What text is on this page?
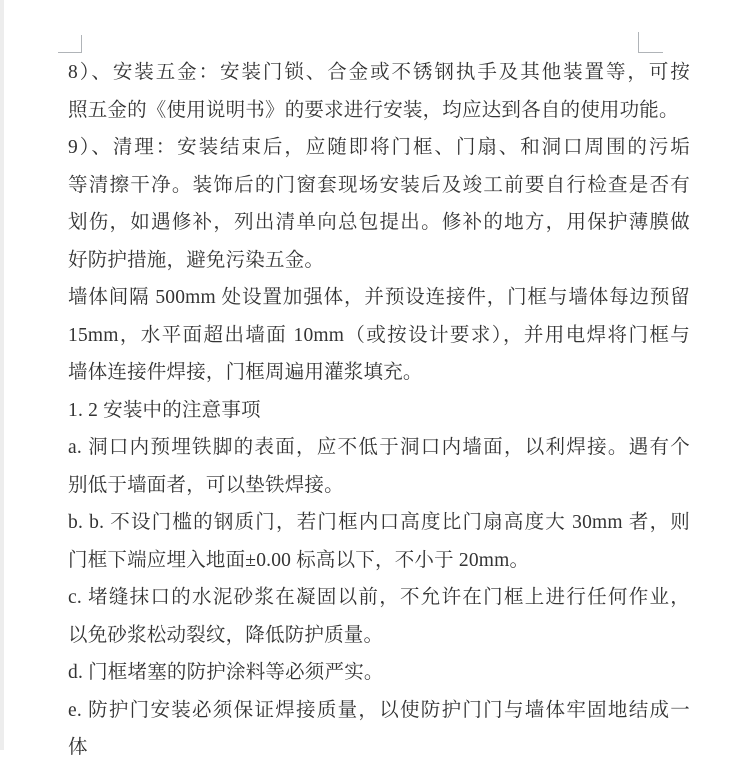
8）、安装五金：安装门锁、合金或不锈钢执手及其他装置等，可按
照五金的《使用说明书》的要求进行安装，均应达到各自的使用功能。
9）、清理：安装结束后，应随即将门框、门扇、和洞口周围的污垢
等清擦干净。装饰后的门窗套现场安装后及竣工前要自行检查是否有
划伤，如遇修补，列出清单向总包提出。修补的地方，用保护薄膜做
好防护措施，避免污染五金。
墙体间隔 500mm 处设置加强体，并预设连接件，门框与墙体每边预留
15mm，水平面超出墙面 10mm（或按设计要求），并用电焊将门框与
墙体连接件焊接，门框周遍用灌浆填充。
1. 2 安装中的注意事项
a. 洞口内预埋铁脚的表面，应不低于洞口内墙面，以利焊接。遇有个
别低于墙面者，可以垫铁焊接。
b. b. 不设门槛的钢质门，若门框内口高度比门扇高度大 30mm 者，则
门框下端应埋入地面±0.00 标高以下，不小于 20mm。
c. 堵缝抹口的水泥砂浆在凝固以前，不允许在门框上进行任何作业，
以免砂浆松动裂纹，降低防护质量。
d. 门框堵塞的防护涂料等必须严实。
e. 防护门安装必须保证焊接质量，以使防护门门与墙体牢固地结成一
体
